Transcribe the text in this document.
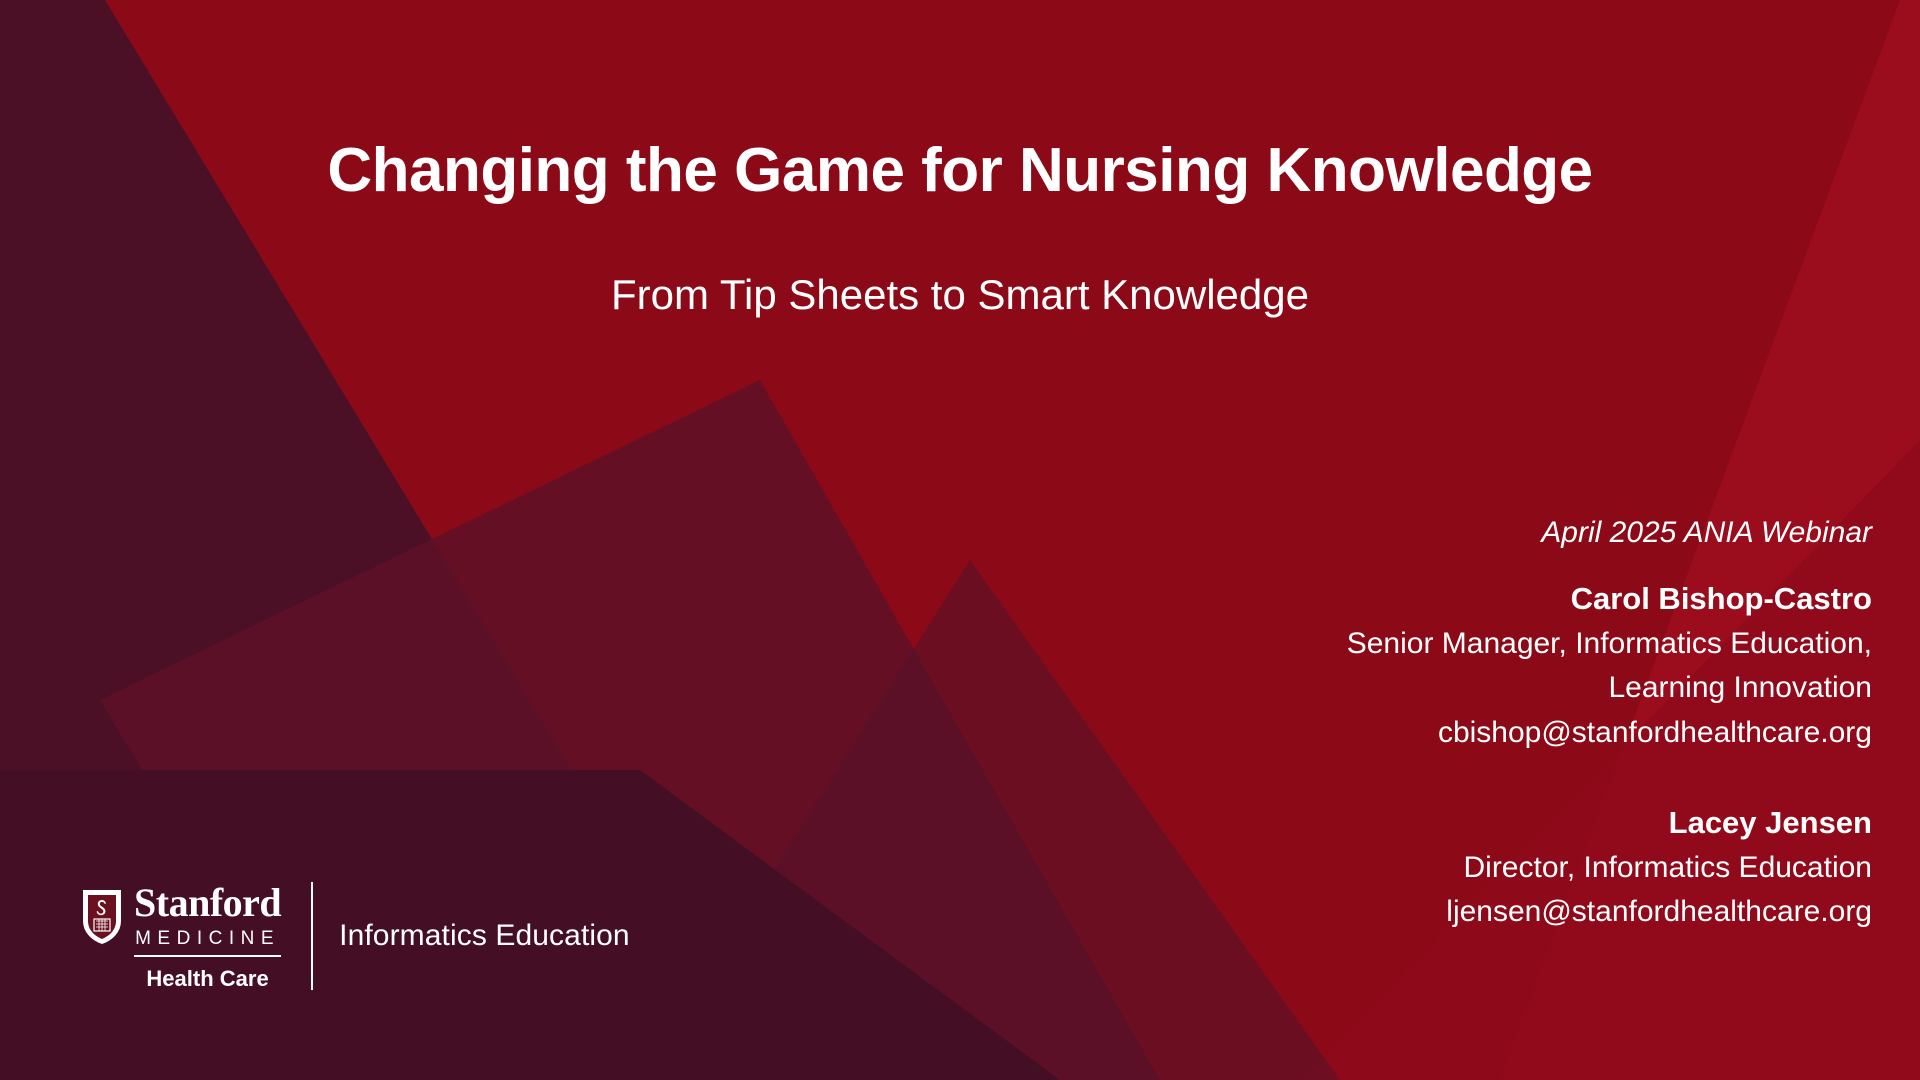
Changing the Game for Nursing Knowledge
From Tip Sheets to Smart Knowledge
April 2025 ANIA Webinar
Carol Bishop-Castro
Senior Manager, Informatics Education,
Learning Innovation
cbishop@stanfordhealthcare.org
Lacey Jensen
Director, Informatics Education
ljensen@stanfordhealthcare.org
Stanford
MEDICINE
Health Care
Informatics Education
